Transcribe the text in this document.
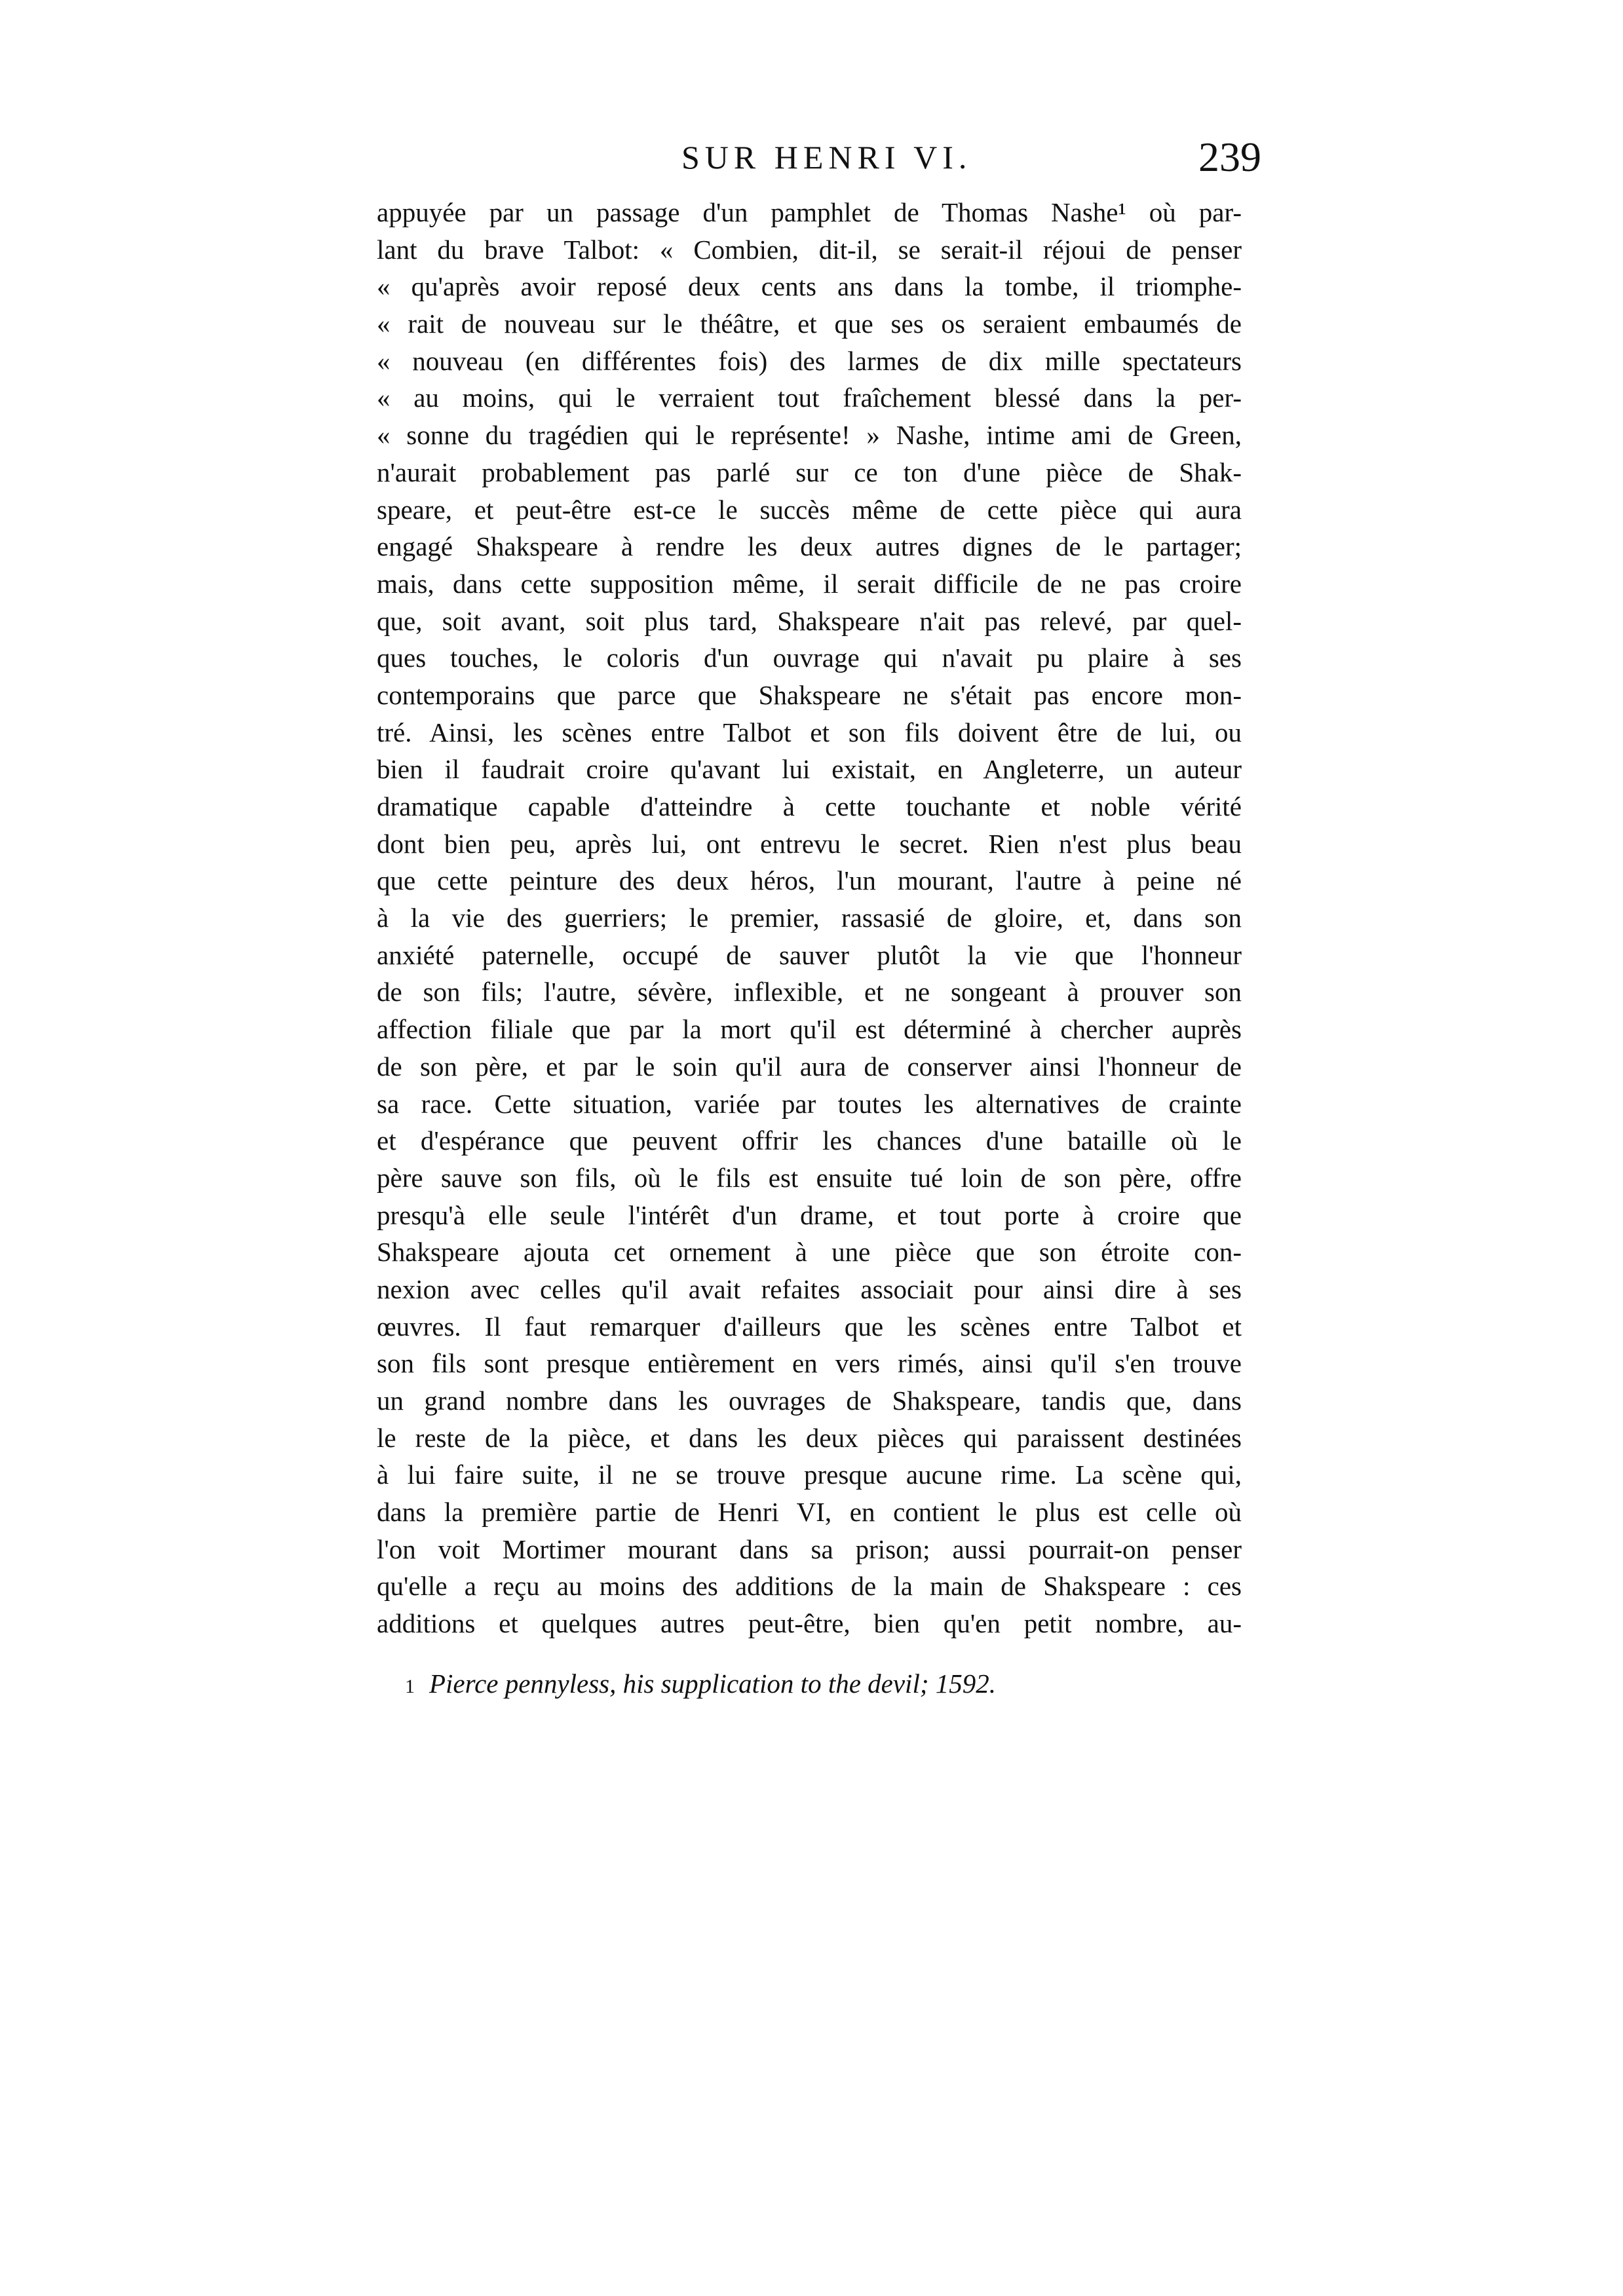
SUR HENRI VI.	239
appuyée par un passage d'un pamphlet de Thomas Nashe¹ où par-
lant du brave Talbot: « Combien, dit-il, se serait-il réjoui de penser
« qu'après avoir reposé deux cents ans dans la tombe, il triomphe-
« rait de nouveau sur le théâtre, et que ses os seraient embaumés de
« nouveau (en différentes fois) des larmes de dix mille spectateurs
« au moins, qui le verraient tout fraîchement blessé dans la per-
« sonne du tragédien qui le représente! » Nashe, intime ami de Green,
n'aurait probablement pas parlé sur ce ton d'une pièce de Shak-
speare, et peut-être est-ce le succès même de cette pièce qui aura
engagé Shakspeare à rendre les deux autres dignes de le partager;
mais, dans cette supposition même, il serait difficile de ne pas croire
que, soit avant, soit plus tard, Shakspeare n'ait pas relevé, par quel-
ques touches, le coloris d'un ouvrage qui n'avait pu plaire à ses
contemporains que parce que Shakspeare ne s'était pas encore mon-
tré. Ainsi, les scènes entre Talbot et son fils doivent être de lui, ou
bien il faudrait croire qu'avant lui existait, en Angleterre, un auteur
dramatique capable d'atteindre à cette touchante et noble vérité
dont bien peu, après lui, ont entrevu le secret. Rien n'est plus beau
que cette peinture des deux héros, l'un mourant, l'autre à peine né
à la vie des guerriers; le premier, rassasié de gloire, et, dans son
anxiété paternelle, occupé de sauver plutôt la vie que l'honneur
de son fils; l'autre, sévère, inflexible, et ne songeant à prouver son
affection filiale que par la mort qu'il est déterminé à chercher auprès
de son père, et par le soin qu'il aura de conserver ainsi l'honneur de
sa race. Cette situation, variée par toutes les alternatives de crainte
et d'espérance que peuvent offrir les chances d'une bataille où le
père sauve son fils, où le fils est ensuite tué loin de son père, offre
presqu'à elle seule l'intérêt d'un drame, et tout porte à croire que
Shakspeare ajouta cet ornement à une pièce que son étroite con-
nexion avec celles qu'il avait refaites associait pour ainsi dire à ses
œuvres. Il faut remarquer d'ailleurs que les scènes entre Talbot et
son fils sont presque entièrement en vers rimés, ainsi qu'il s'en trouve
un grand nombre dans les ouvrages de Shakspeare, tandis que, dans
le reste de la pièce, et dans les deux pièces qui paraissent destinées
à lui faire suite, il ne se trouve presque aucune rime. La scène qui,
dans la première partie de Henri VI, en contient le plus est celle où
l'on voit Mortimer mourant dans sa prison; aussi pourrait-on penser
qu'elle a reçu au moins des additions de la main de Shakspeare : ces
additions et quelques autres peut-être, bien qu'en petit nombre, au-
1 Pierce pennyless, his supplication to the devil; 1592.
